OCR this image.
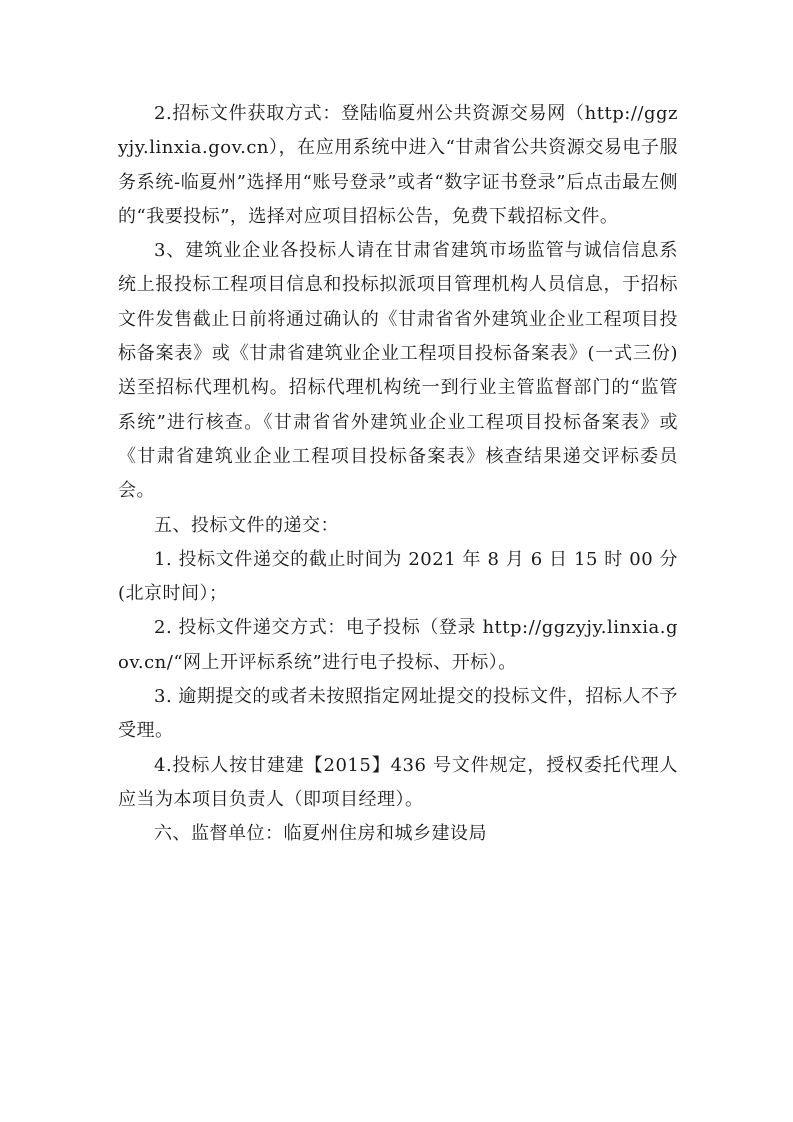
2.招标文件获取方式：登陆临夏州公共资源交易网（http://ggzyjy.linxia.gov.cn），在应用系统中进入“甘肃省公共资源交易电子服务系统-临夏州”选择用“账号登录”或者“数字证书登录”后点击最左侧的“我要投标”，选择对应项目招标公告，免费下载招标文件。

3、建筑业企业各投标人请在甘肃省建筑市场监管与诚信信息系统上报投标工程项目信息和投标拟派项目管理机构人员信息，于招标文件发售截止日前将通过确认的《甘肃省省外建筑业企业工程项目投标备案表》或《甘肃省建筑业企业工程项目投标备案表》(一式三份)送至招标代理机构。招标代理机构统一到行业主管监督部门的“监管系统”进行核查。《甘肃省省外建筑业企业工程项目投标备案表》或《甘肃省建筑业企业工程项目投标备案表》核查结果递交评标委员会。

五、投标文件的递交：

1. 投标文件递交的截止时间为 2021 年 8 月 6 日 15 时 00 分(北京时间）；

2. 投标文件递交方式：电子投标（登录 http://ggzyjy.linxia.gov.cn/“网上开评标系统”进行电子投标、开标）。

3. 逾期提交的或者未按照指定网址提交的投标文件，招标人不予受理。

4.投标人按甘建建【2015】436 号文件规定，授权委托代理人应当为本项目负责人（即项目经理）。

六、监督单位：临夏州住房和城乡建设局
